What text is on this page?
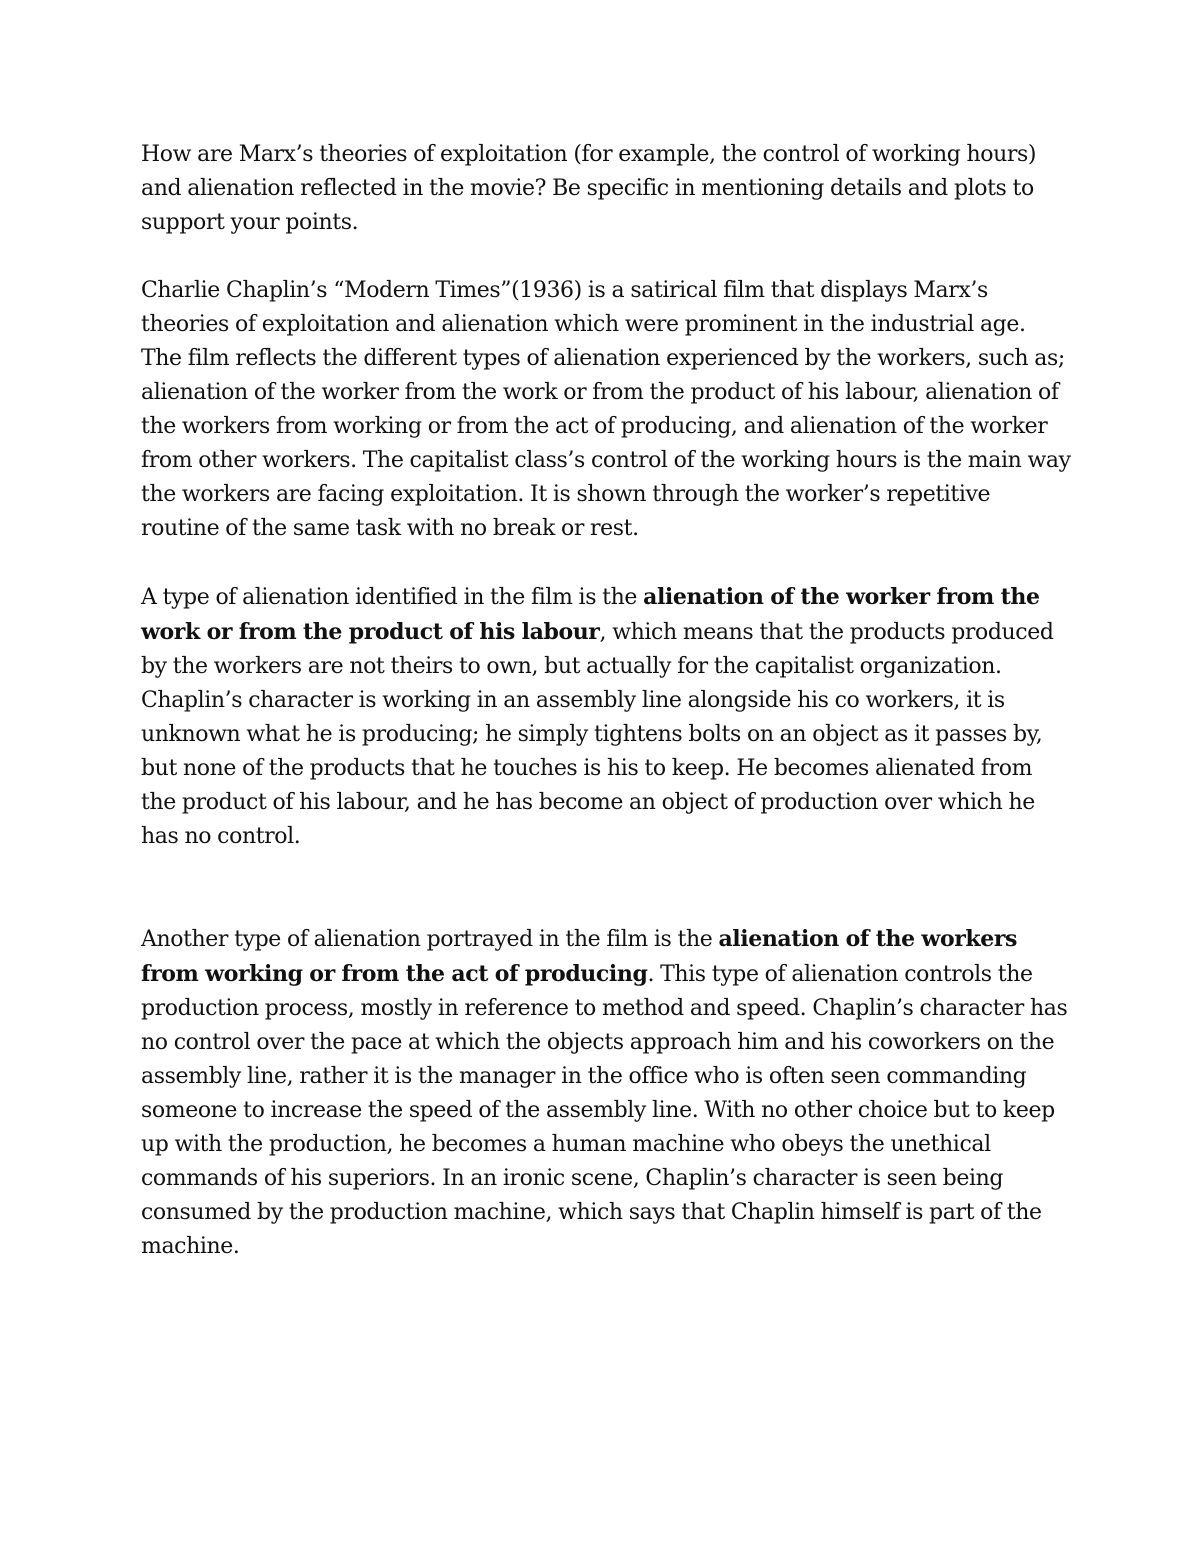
How are Marx’s theories of exploitation (for example, the control of working hours) and alienation reflected in the movie? Be specific in mentioning details and plots to support your points.

Charlie Chaplin’s “Modern Times”(1936) is a satirical film that displays Marx’s theories of exploitation and alienation which were prominent in the industrial age. The film reflects the different types of alienation experienced by the workers, such as; alienation of the worker from the work or from the product of his labour, alienation of the workers from working or from the act of producing, and alienation of the worker from other workers. The capitalist class’s control of the working hours is the main way the workers are facing exploitation. It is shown through the worker’s repetitive routine of the same task with no break or rest.

A type of alienation identified in the film is the alienation of the worker from the work or from the product of his labour, which means that the products produced by the workers are not theirs to own, but actually for the capitalist organization. Chaplin’s character is working in an assembly line alongside his co workers, it is unknown what he is producing; he simply tightens bolts on an object as it passes by, but none of the products that he touches is his to keep. He becomes alienated from the product of his labour, and he has become an object of production over which he has no control.

Another type of alienation portrayed in the film is the alienation of the workers from working or from the act of producing. This type of alienation controls the production process, mostly in reference to method and speed. Chaplin’s character has no control over the pace at which the objects approach him and his coworkers on the assembly line, rather it is the manager in the office who is often seen commanding someone to increase the speed of the assembly line. With no other choice but to keep up with the production, he becomes a human machine who obeys the unethical commands of his superiors. In an ironic scene, Chaplin’s character is seen being consumed by the production machine, which says that Chaplin himself is part of the machine.
